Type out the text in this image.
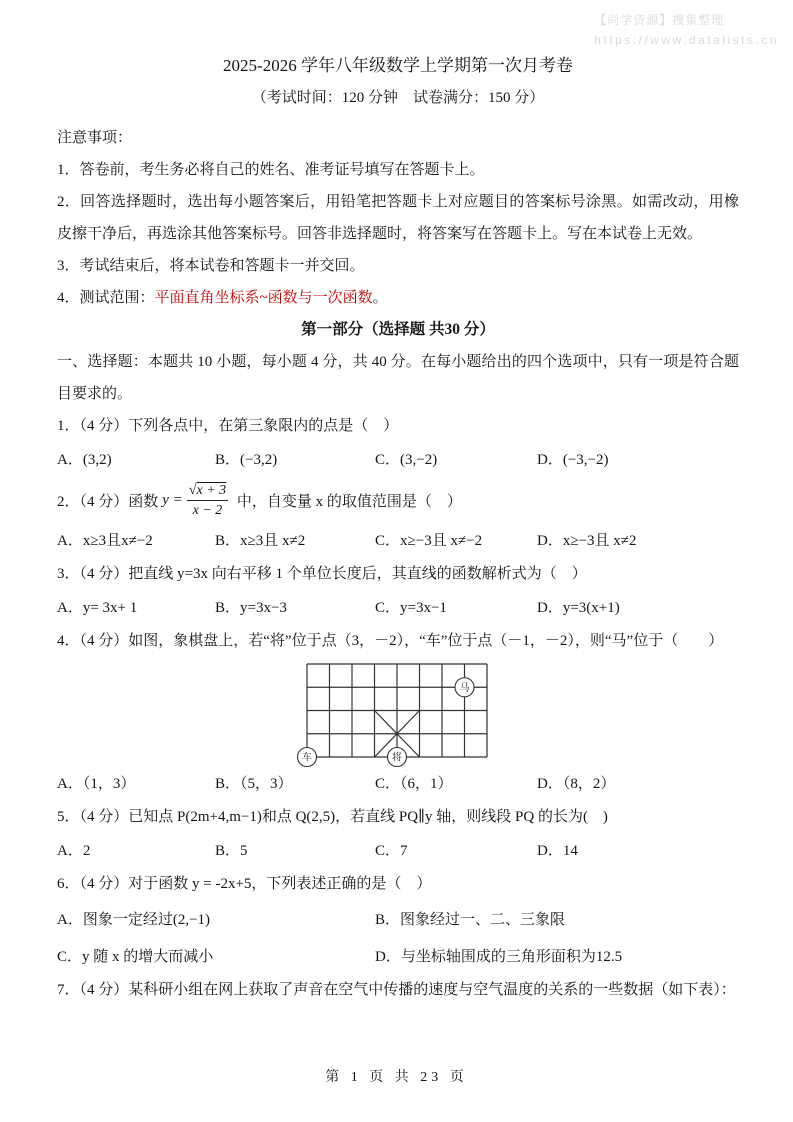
【尚学资源】搜集整理
https://www.datalists.cn
2025-2026 学年八年级数学上学期第一次月考卷
（考试时间：120 分钟　试卷满分：150 分）

注意事项：

1．答卷前，考生务必将自己的姓名、准考证号填写在答题卡上。

2．回答选择题时，选出每小题答案后，用铅笔把答题卡上对应题目的答案标号涂黑。如需改动，用橡皮擦干净后，再选涂其他答案标号。回答非选择题时，将答案写在答题卡上。写在本试卷上无效。

3．考试结束后，将本试卷和答题卡一并交回。

4．测试范围：平面直角坐标系~函数与一次函数。

第一部分（选择题 共30 分）

一、选择题：本题共 10 小题，每小题 4 分，共 40 分。在每小题给出的四个选项中，只有一项是符合题目要求的。

1．（4 分）下列各点中，在第三象限内的点是（　）

A．(3,2)	B．(−3,2)	C．(3,−2)	D．(−3,−2)
2．（4 分）函数 $y = \frac{√x + 3}{x - 2}$ 中，自变量 x 的取值范围是（　）
A．x≥3且x≠−2	B．x≥3且 x≠2	C．x≥−3且 x≠−2	D．x≥−3且 x≠2

3．（4 分）把直线 y=3x 向右平移 1 个单位长度后，其直线的函数解析式为（　）

A．y= 3x+ 1	B．y=3x−3	C．y=3x−1	D．y=3(x+1)

4．（4 分）如图，象棋盘上，若“将”位于点（3，－2），“车”位于点（－1，－2），则“马”位于（　　）

马
车	将
A．（1，3）	B．（5，3）	C．（6，1）	D．（8，2）

5．（4 分）已知点 P(2m+4,m−1)和点 Q(2,5)，若直线 PQ∥y 轴，则线段 PQ 的长为(　)

A．2	B．5	C．7	D．14

6．（4 分）对于函数 y = -2x+5，下列表述正确的是（　）

A．图象一定经过(2,−1)	B．图象经过一、二、三象限
C．y 随 x 的增大而减小	D．与坐标轴围成的三角形面积为12.5

7．（4 分）某科研小组在网上获取了声音在空气中传播的速度与空气温度的关系的一些数据（如下表）：

第 1 页 共 23 页
